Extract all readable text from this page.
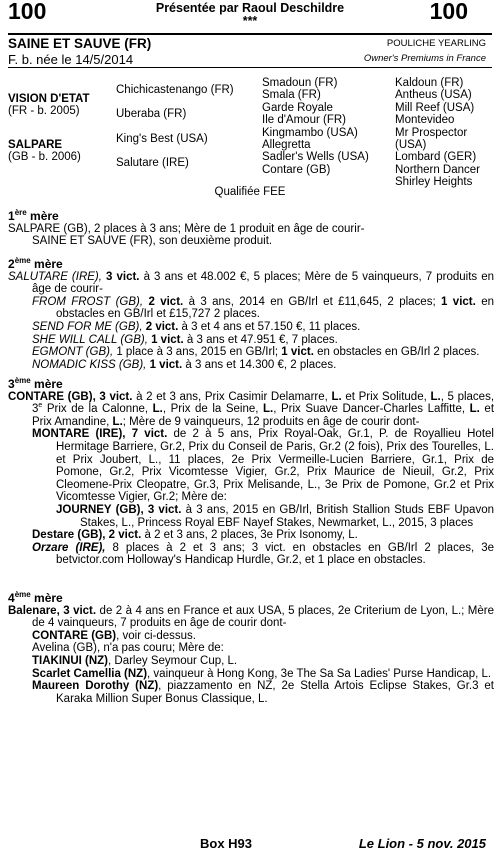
100	100
Présentée par Raoul Deschildre
***
SAINE ET SAUVE (FR)
F. b. née le 14/5/2014
POULICHE YEARLING
Owner's Premiums in France
VISION D'ETAT
(FR - b. 2005)
SALPARE
(GB - b. 2006)
Chichicastenango (FR)
Uberaba (FR)
King's Best (USA)
Salutare (IRE)
Smadoun (FR)
Smala (FR)
Garde Royale
Ile d'Amour (FR)
Kingmambo (USA)
Allegretta
Sadler's Wells (USA)
Contare (GB)
Kaldoun (FR)
Antheus (USA)
Mill Reef (USA)
Montevideo
Mr Prospector (USA)
Lombard (GER)
Northern Dancer
Shirley Heights
Qualifiée FEE
1ère mère
SALPARE (GB), 2 places à 3 ans; Mère de 1 produit en âge de courir-
SAINE ET SAUVE (FR), son deuxième produit.
2ème mère
SALUTARE (IRE), 3 vict. à 3 ans et 48.002 €, 5 places; Mère de 5 vainqueurs, 7 produits en âge de courir-
FROM FROST (GB), 2 vict. à 3 ans, 2014 en GB/Irl et £11,645, 2 places; 1 vict. en obstacles en GB/Irl et £15,727 2 places.
SEND FOR ME (GB), 2 vict. à 3 et 4 ans et 57.150 €, 11 places.
SHE WILL CALL (GB), 1 vict. à 3 ans et 47.951 €, 7 places.
EGMONT (GB), 1 place à 3 ans, 2015 en GB/Irl; 1 vict. en obstacles en GB/Irl 2 places.
NOMADIC KISS (GB), 1 vict. à 3 ans et 14.300 €, 2 places.
3ème mère
CONTARE (GB), 3 vict. à 2 et 3 ans, Prix Casimir Delamarre, L. et Prix Solitude, L., 5 places, 3e Prix de la Calonne, L., Prix de la Seine, L., Prix Suave Dancer-Charles Laffitte, L. et Prix Amandine, L.; Mère de 9 vainqueurs, 12 produits en âge de courir dont-
MONTARE (IRE), 7 vict. de 2 à 5 ans, Prix Royal-Oak, Gr.1, P. de Royallieu Hotel Hermitage Barriere, Gr.2, Prix du Conseil de Paris, Gr.2 (2 fois), Prix des Tourelles, L. et Prix Joubert, L., 11 places, 2e Prix Vermeille-Lucien Barriere, Gr.1, Prix de Pomone, Gr.2, Prix Vicomtesse Vigier, Gr.2, Prix Maurice de Nieuil, Gr.2, Prix Cleomene-Prix Cleopatre, Gr.3, Prix Melisande, L., 3e Prix de Pomone, Gr.2 et Prix Vicomtesse Vigier, Gr.2; Mère de:
JOURNEY (GB), 3 vict. à 3 ans, 2015 en GB/Irl, British Stallion Studs EBF Upavon Stakes, L., Princess Royal EBF Nayef Stakes, Newmarket, L., 2015, 3 places
Destare (GB), 2 vict. à 2 et 3 ans, 2 places, 3e Prix Isonomy, L.
Orzare (IRE), 8 places à 2 et 3 ans; 3 vict. en obstacles en GB/Irl 2 places, 3e betvictor.com Holloway's Handicap Hurdle, Gr.2, et 1 place en obstacles.
4ème mère
Balenare, 3 vict. de 2 à 4 ans en France et aux USA, 5 places, 2e Criterium de Lyon, L.; Mère de 4 vainqueurs, 7 produits en âge de courir dont-
CONTARE (GB), voir ci-dessus.
Avelina (GB), n'a pas couru; Mère de:
TIAKINUI (NZ), Darley Seymour Cup, L.
Scarlet Camellia (NZ), vainqueur à Hong Kong, 3e The Sa Sa Ladies' Purse Handicap, L.
Maureen Dorothy (NZ), piazzamento en NZ, 2e Stella Artois Eclipse Stakes, Gr.3 et Karaka Million Super Bonus Classique, L.
Box H93	Le Lion - 5 nov. 2015
